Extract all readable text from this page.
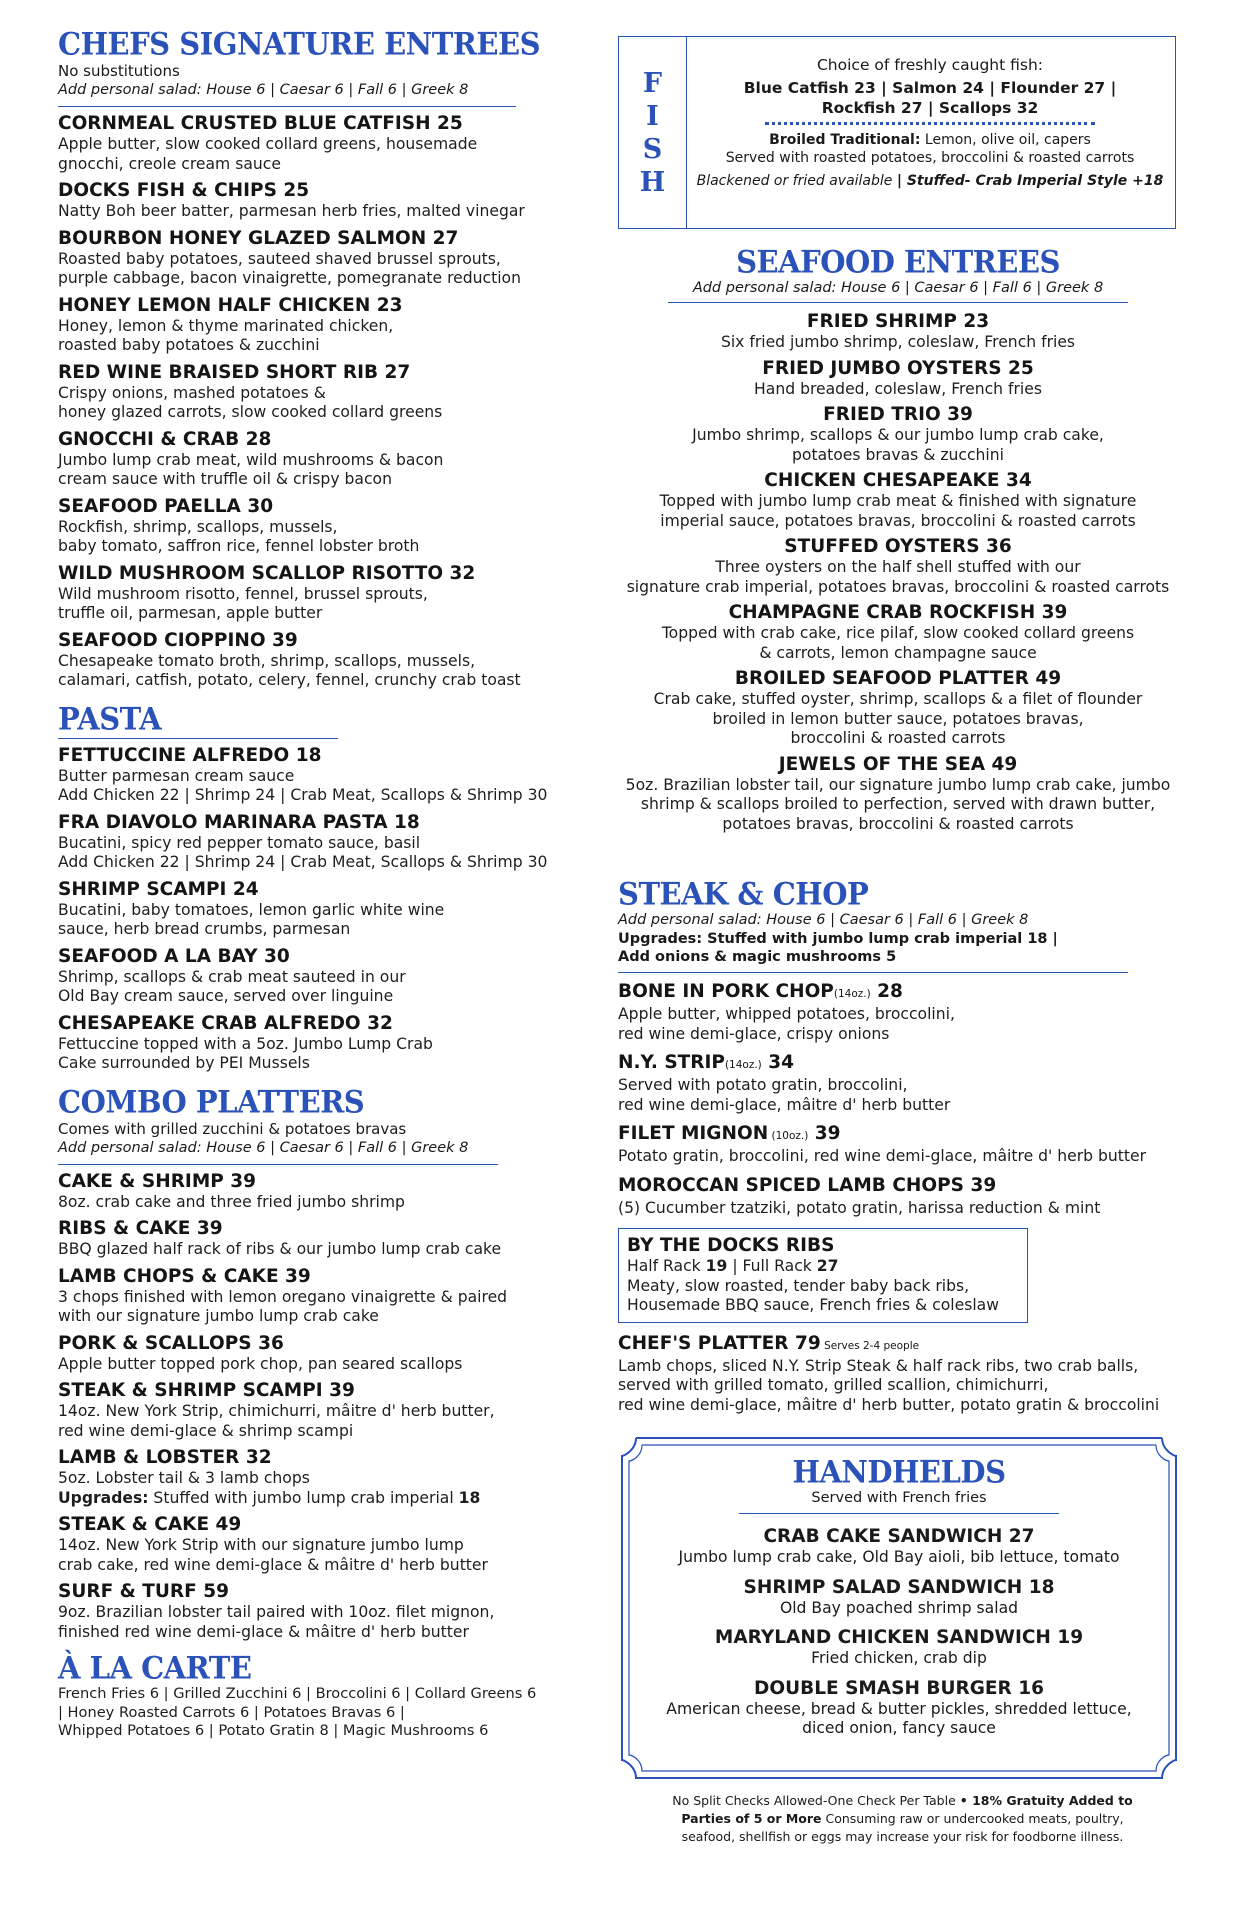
CHEFS SIGNATURE ENTREES
No substitutions
Add personal salad: House 6 | Caesar 6 | Fall 6 | Greek 8
CORNMEAL CRUSTED BLUE CATFISH 25
Apple butter, slow cooked collard greens, housemade
gnocchi, creole cream sauce
DOCKS FISH & CHIPS 25
Natty Boh beer batter, parmesan herb fries, malted vinegar
BOURBON HONEY GLAZED SALMON 27
Roasted baby potatoes, sauteed shaved brussel sprouts,
purple cabbage, bacon vinaigrette, pomegranate reduction
HONEY LEMON HALF CHICKEN 23
Honey, lemon & thyme marinated chicken,
roasted baby potatoes & zucchini
RED WINE BRAISED SHORT RIB 27
Crispy onions, mashed potatoes &
honey glazed carrots, slow cooked collard greens
GNOCCHI & CRAB 28
Jumbo lump crab meat, wild mushrooms & bacon
cream sauce with truffle oil & crispy bacon
SEAFOOD PAELLA 30
Rockfish, shrimp, scallops, mussels,
baby tomato, saffron rice, fennel lobster broth
WILD MUSHROOM SCALLOP RISOTTO 32
Wild mushroom risotto, fennel, brussel sprouts,
truffle oil, parmesan, apple butter
SEAFOOD CIOPPINO 39
Chesapeake tomato broth, shrimp, scallops, mussels,
calamari, catfish, potato, celery, fennel, crunchy crab toast
PASTA
FETTUCCINE ALFREDO 18
Butter parmesan cream sauce
Add Chicken 22 | Shrimp 24 | Crab Meat, Scallops & Shrimp 30
FRA DIAVOLO MARINARA PASTA 18
Bucatini, spicy red pepper tomato sauce, basil
Add Chicken 22 | Shrimp 24 | Crab Meat, Scallops & Shrimp 30
SHRIMP SCAMPI 24
Bucatini, baby tomatoes, lemon garlic white wine
sauce, herb bread crumbs, parmesan
SEAFOOD A LA BAY 30
Shrimp, scallops & crab meat sauteed in our
Old Bay cream sauce, served over linguine
CHESAPEAKE CRAB ALFREDO 32
Fettuccine topped with a 5oz. Jumbo Lump Crab
Cake surrounded by PEI Mussels
COMBO PLATTERS
Comes with grilled zucchini & potatoes bravas
Add personal salad: House 6 | Caesar 6 | Fall 6 | Greek 8
CAKE & SHRIMP 39
8oz. crab cake and three fried jumbo shrimp
RIBS & CAKE 39
BBQ glazed half rack of ribs & our jumbo lump crab cake
LAMB CHOPS & CAKE 39
3 chops finished with lemon oregano vinaigrette & paired
with our signature jumbo lump crab cake
PORK & SCALLOPS 36
Apple butter topped pork chop, pan seared scallops
STEAK & SHRIMP SCAMPI 39
14oz. New York Strip, chimichurri, mâitre d' herb butter,
red wine demi-glace & shrimp scampi
LAMB & LOBSTER 32
5oz. Lobster tail & 3 lamb chops
Upgrades: Stuffed with jumbo lump crab imperial 18
STEAK & CAKE 49
14oz. New York Strip with our signature jumbo lump
crab cake, red wine demi-glace & mâitre d' herb butter
SURF & TURF 59
9oz. Brazilian lobster tail paired with 10oz. filet mignon,
finished red wine demi-glace & mâitre d' herb butter
À LA CARTE
French Fries 6 | Grilled Zucchini 6 | Broccolini 6 | Collard Greens 6
| Honey Roasted Carrots 6 | Potatoes Bravas 6 |
Whipped Potatoes 6 | Potato Gratin 8 | Magic Mushrooms 6
F
I
S
H
Choice of freshly caught fish:
Blue Catfish 23 | Salmon 24 | Flounder 27 |
Rockfish 27 | Scallops 32
Broiled Traditional: Lemon, olive oil, capers
Served with roasted potatoes, broccolini & roasted carrots
Blackened or fried available | Stuffed- Crab Imperial Style +18
SEAFOOD ENTREES
Add personal salad: House 6 | Caesar 6 | Fall 6 | Greek 8
FRIED SHRIMP 23
Six fried jumbo shrimp, coleslaw, French fries
FRIED JUMBO OYSTERS 25
Hand breaded, coleslaw, French fries
FRIED TRIO 39
Jumbo shrimp, scallops & our jumbo lump crab cake,
potatoes bravas & zucchini
CHICKEN CHESAPEAKE 34
Topped with jumbo lump crab meat & finished with signature
imperial sauce, potatoes bravas, broccolini & roasted carrots
STUFFED OYSTERS 36
Three oysters on the half shell stuffed with our
signature crab imperial, potatoes bravas, broccolini & roasted carrots
CHAMPAGNE CRAB ROCKFISH 39
Topped with crab cake, rice pilaf, slow cooked collard greens
& carrots, lemon champagne sauce
BROILED SEAFOOD PLATTER 49
Crab cake, stuffed oyster, shrimp, scallops & a filet of flounder
broiled in lemon butter sauce, potatoes bravas,
broccolini & roasted carrots
JEWELS OF THE SEA 49
5oz. Brazilian lobster tail, our signature jumbo lump crab cake, jumbo
shrimp & scallops broiled to perfection, served with drawn butter,
potatoes bravas, broccolini & roasted carrots
STEAK & CHOP
Add personal salad: House 6 | Caesar 6 | Fall 6 | Greek 8
Upgrades: Stuffed with jumbo lump crab imperial 18 |
Add onions & magic mushrooms 5
BONE IN PORK CHOP(14oz.) 28
Apple butter, whipped potatoes, broccolini,
red wine demi-glace, crispy onions
N.Y. STRIP(14oz.) 34
Served with potato gratin, broccolini,
red wine demi-glace, mâitre d' herb butter
FILET MIGNON (10oz.) 39
Potato gratin, broccolini, red wine demi-glace, mâitre d' herb butter
MOROCCAN SPICED LAMB CHOPS 39
(5) Cucumber tzatziki, potato gratin, harissa reduction & mint
BY THE DOCKS RIBS
Half Rack 19 | Full Rack 27
Meaty, slow roasted, tender baby back ribs,
Housemade BBQ sauce, French fries & coleslaw
CHEF'S PLATTER 79 Serves 2-4 people
Lamb chops, sliced N.Y. Strip Steak & half rack ribs, two crab balls,
served with grilled tomato, grilled scallion, chimichurri,
red wine demi-glace, mâitre d' herb butter, potato gratin & broccolini
HANDHELDS
Served with French fries
CRAB CAKE SANDWICH 27
Jumbo lump crab cake, Old Bay aioli, bib lettuce, tomato
SHRIMP SALAD SANDWICH 18
Old Bay poached shrimp salad
MARYLAND CHICKEN SANDWICH 19
Fried chicken, crab dip
DOUBLE SMASH BURGER 16
American cheese, bread & butter pickles, shredded lettuce,
diced onion, fancy sauce
No Split Checks Allowed-One Check Per Table • 18% Gratuity Added to
Parties of 5 or More Consuming raw or undercooked meats, poultry,
seafood, shellfish or eggs may increase your risk for foodborne illness.
